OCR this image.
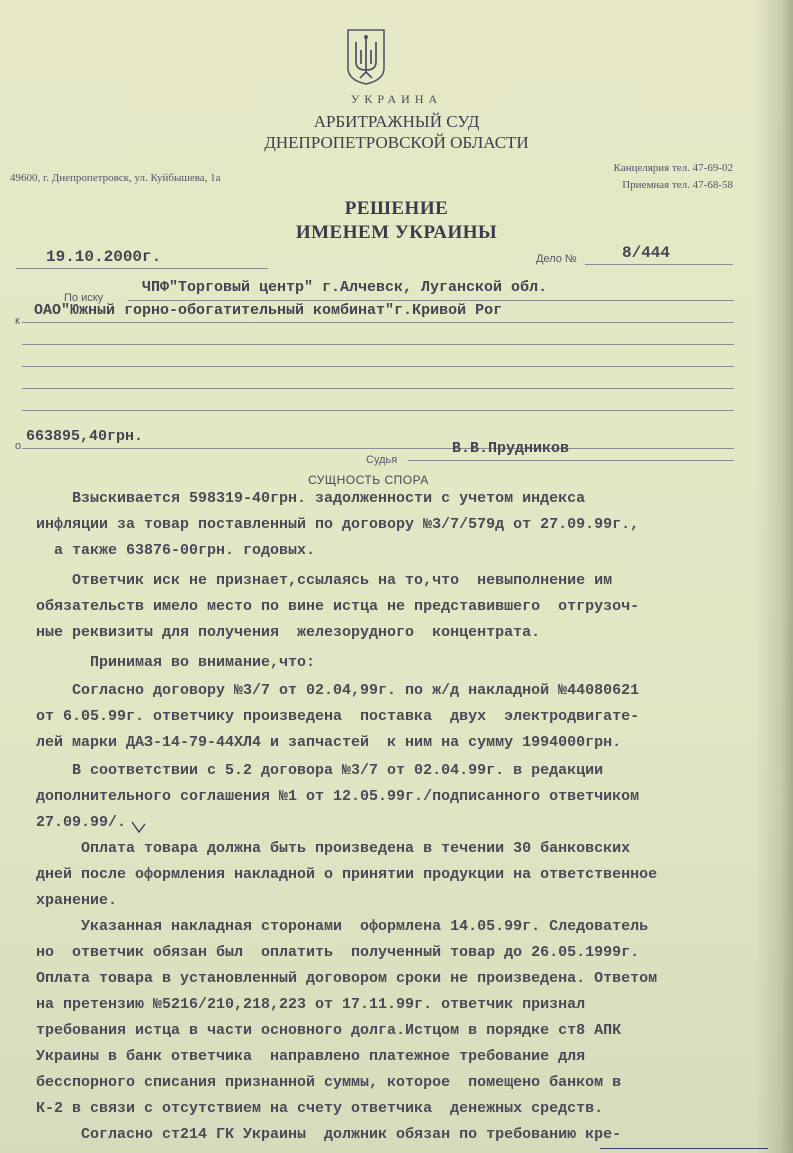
УКРАИНА
АРБИТРАЖНЫЙ СУД
ДНЕПРОПЕТРОВСКОЙ ОБЛАСТИ
49600, г. Днепропетровск, ул. Куйбышева, 1а
Канцелярия тел. 47-69-02
Приемная тел. 47-68-58
РЕШЕНИЕ
ИМЕНЕМ УКРАИНЫ
19.10.2000г.	Дело №	8/444
По иску
ЧПФ"Торговый центр" г.Алчевск, Луганской обл.
к
ОАО"Южный горно-обогатительный комбинат"г.Кривой Рог
о
663895,40грн.
Судья
В.В.Прудников
СУЩНОСТЬ СПОРА
Взыскивается 598319-40грн. задолженности с учетом индекса
инфляции за товар поставленный по договору №3/7/579д от 27.09.99г.,
а также 63876-00грн. годовых.
Ответчик иск не признает,ссылаясь на то,что  невыполнение им
обязательств имело место по вине истца не представившего  отгрузоч-
ные реквизиты для получения  железорудного  концентрата.
Принимая во внимание,что:
Согласно договору №3/7 от 02.04,99г. по ж/д накладной №44080621
от 6.05.99г. ответчику произведена  поставка  двух  электродвигате-
лей марки ДАЗ-14-79-44ХЛ4 и запчастей  к ним на сумму 1994000грн.
В соответствии с 5.2 договора №3/7 от 02.04.99г. в редакции
дополнительного соглашения №1 от 12.05.99г./подписанного ответчиком
27.09.99/.
Оплата товара должна быть произведена в течении 30 банковских
дней после оформления накладной о принятии продукции на ответственное
хранение.
Указанная накладная сторонами  оформлена 14.05.99г. Следователь
но  ответчик обязан был  оплатить  полученный товар до 26.05.1999г.
Оплата товара в установленный договором сроки не произведена. Ответом
на претензию №5216/210,218,223 от 17.11.99г. ответчик признал
требования истца в части основного долга.Истцом в порядке ст8 АПК
Украины в банк ответчика  направлено платежное требование для
бесспорного списания признанной суммы, которое  помещено банком в
К-2 в связи с отсутствием на счету ответчика  денежных средств.
Согласно ст214 ГК Украины  должник обязан по требованию кре-
